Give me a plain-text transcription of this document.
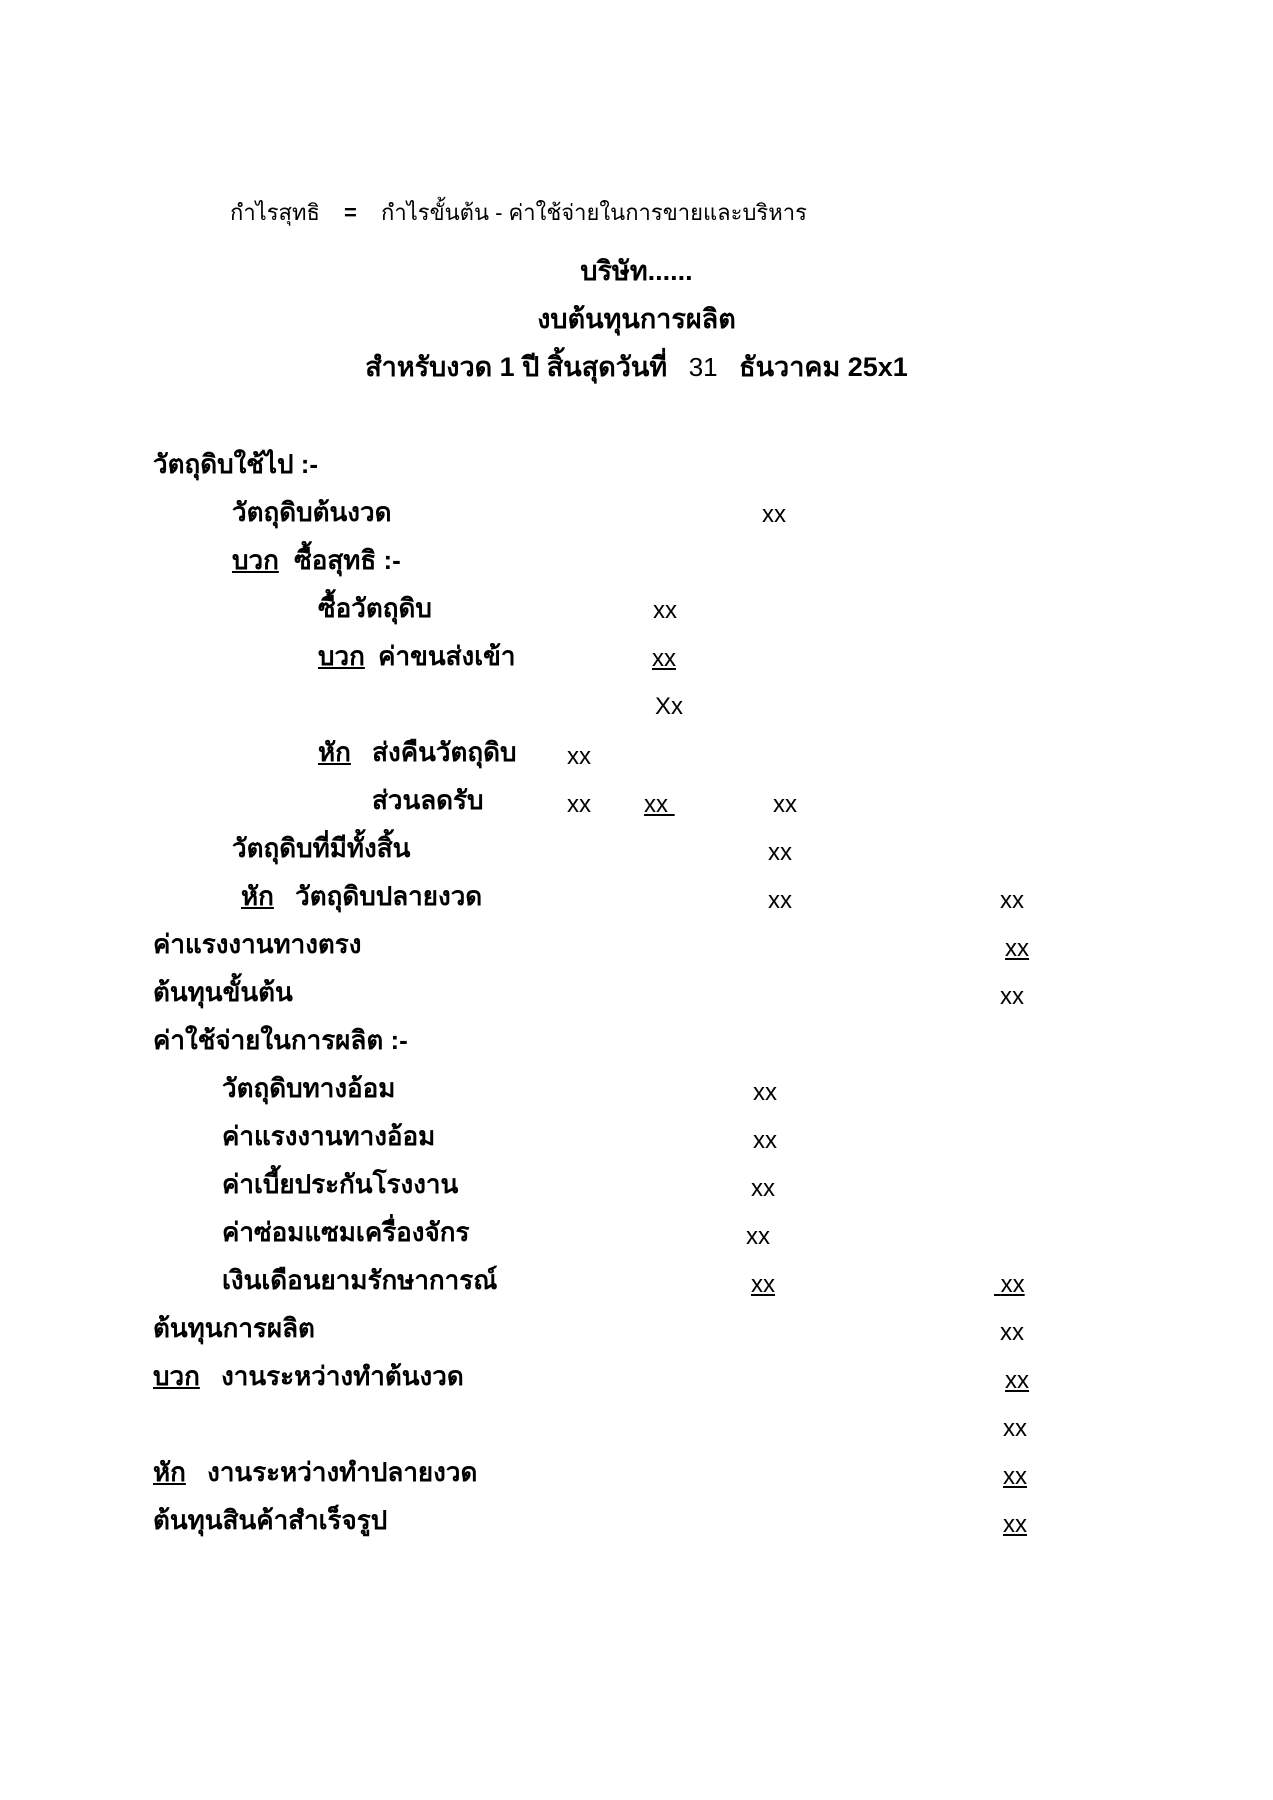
กำไรสุทธิ = กำไรขั้นต้น - ค่าใช้จ่ายในการขายและบริหาร
บริษัท......
งบต้นทุนการผลิต
สำหรับงวด 1 ปี สิ้นสุดวันที่ 31 ธันวาคม 25x1
วัตถุดิบใช้ไป :-
วัตถุดิบต้นงวด	xx
บวก ซื้อสุทธิ :-
ซื้อวัตถุดิบ	xx
บวก ค่าขนส่งเข้า	xx
Xx
หัก ส่งคืนวัตถุดิบ xx
ส่วนลดรับ	xx xx	xx
วัตถุดิบที่มีทั้งสิ้น	xx
หัก วัตถุดิบปลายงวด	xx	xx
ค่าแรงงานทางตรง	xx
ต้นทุนขั้นต้น	xx
ค่าใช้จ่ายในการผลิต :-
วัตถุดิบทางอ้อม	xx
ค่าแรงงานทางอ้อม	xx
ค่าเบี้ยประกันโรงงาน	xx
ค่าซ่อมแซมเครื่องจักร	xx
เงินเดือนยามรักษาการณ์	xx	xx
ต้นทุนการผลิต	xx
บวก งานระหว่างทำต้นงวด	xx
xx
หัก งานระหว่างทำปลายงวด	xx
ต้นทุนสินค้าสำเร็จรูป	xx
